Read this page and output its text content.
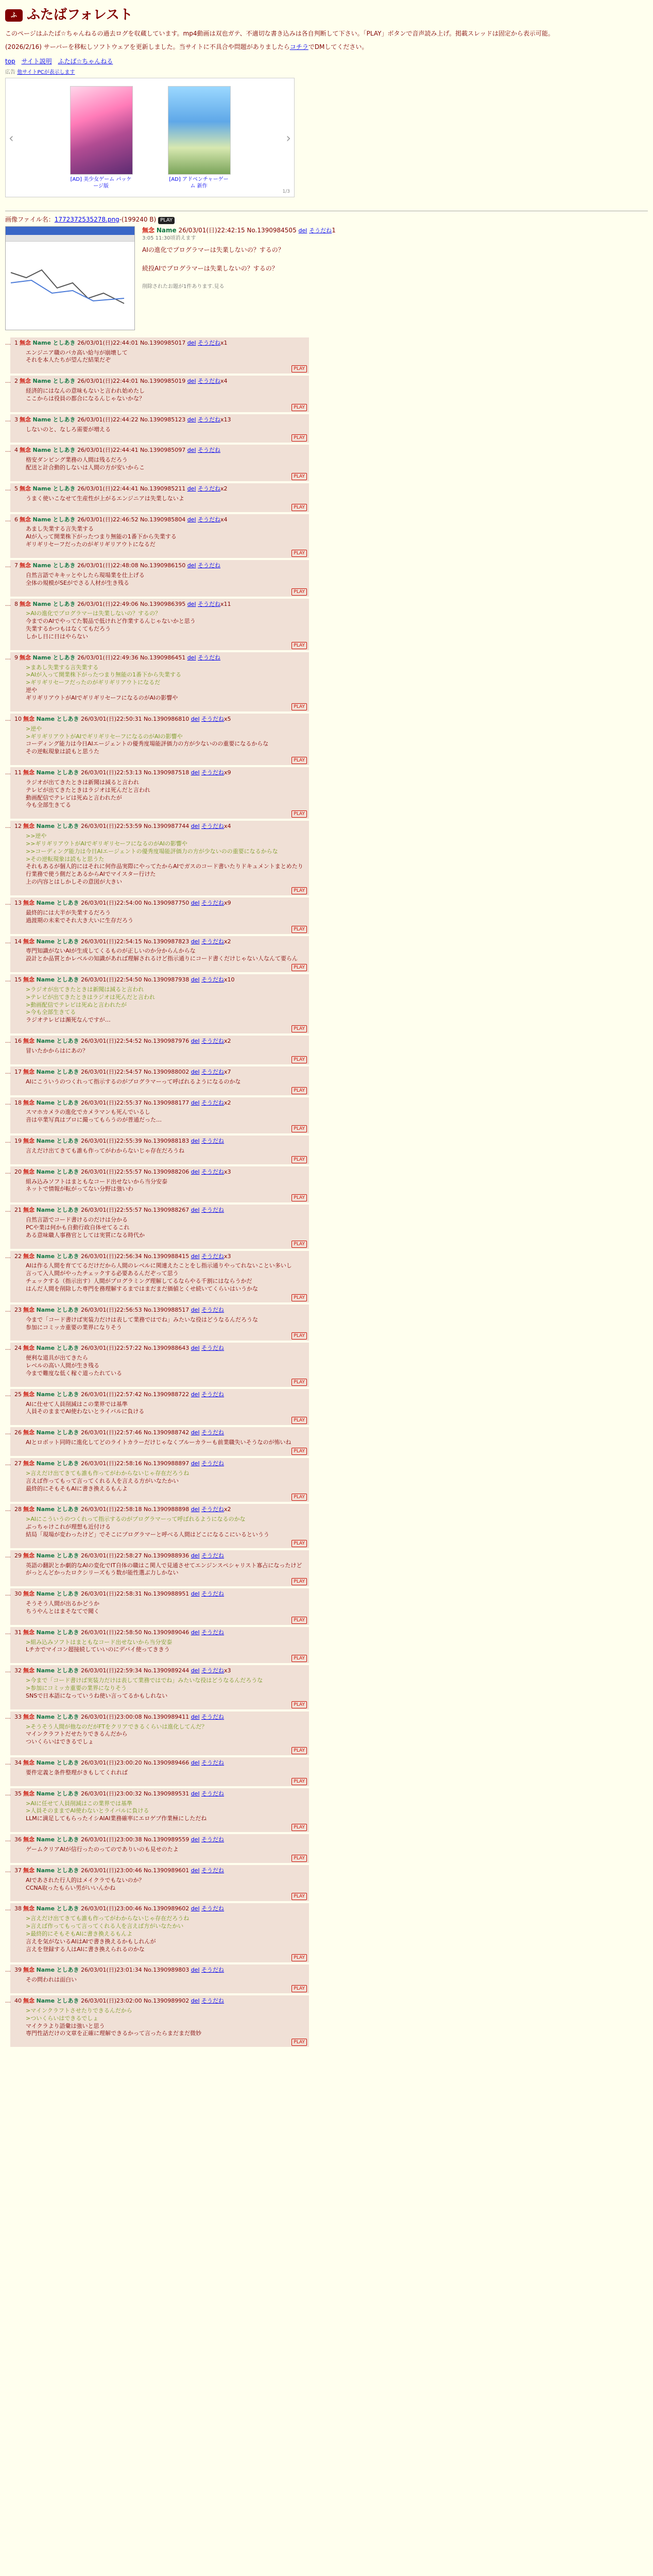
ふ ふたばフォレスト

このページはふたば☆ちゃんねるの過去ログを収蔵しています。mp4動画は双也ガテ、不適切な書き込みは各自判断して下さい。「PLAY」ボタンで音声読み上げ。掲載スレッドは固定から表示可能。

(2026/2/16) サーバーを移転しソフトウェアを更新しました。当サイトに不具合や問題がありましたらコチラでDMしてください。

top サイト説明 ふたば☆ちゃんねる
広告 他サイトPCが表示します
‹
[AD] 美少女ゲーム パッケージ版
[AD] アドベンチャーゲーム 新作
›
1/3
画像ファイル名：1772372535278.png-(199240 B) PLAY
無念 Name 26/03/01(日)22:42:15 No.1390984505 del そうだね1
3:05 11:30頃消えます

AIの進化でプログラマーは失業しないの？するの？

続投AIでプログラマーは失業しないの？するの？

削除されたお題が1件あります.見る

… 1 無念 Name としあき 26/03/01(日)22:44:01 No.1390985017 del そうだねx1
エンジニア職のバカ高い給与が崩壊して
それを本人たちが望んだ結果だぞ
PLAY
… 2 無念 Name としあき 26/03/01(日)22:44:01 No.1390985019 del そうだねx4
経済的にはなんの意味もないと言われ始めたし
ここからは役員の都合になるんじゃないかな？
PLAY
… 3 無念 Name としあき 26/03/01(日)22:44:22 No.1390985123 del そうだねx13
しないのと、なしろ需要が増える
PLAY
… 4 無念 Name としあき 26/03/01(日)22:44:41 No.1390985097 del そうだね
格安ダンピング業務の人間は残るだろう
配送と計合動的しないは人間の方が安いからこ
PLAY
… 5 無念 Name としあき 26/03/01(日)22:44:41 No.1390985211 del そうだねx2
うまく使いこなせて生産性が上がるエンジニアは失業しないよ
PLAY
… 6 無念 Name としあき 26/03/01(日)22:46:52 No.1390985804 del そうだねx4
あまし失業する言失業する
AIが入って開業株下がったつまり無能の1番下から失業する
ギリギリセーフだったのがギリギリアウトになるだ
PLAY
… 7 無念 Name としあき 26/03/01(日)22:48:08 No.1390986150 del そうだね
自然言語でキキッとやしたら現場業を仕上げる
全体の規模がSEがでさる人材が生き残る
PLAY
… 8 無念 Name としあき 26/03/01(日)22:49:06 No.1390986395 del そうだねx11
>AIの進化でプログラマーは失業しないの？するの？
今までのAIでやってた製品で低けれど作業するんじゃないかと思う
失業するかつもはなくてもだろう
しかし日に日はやらない
PLAY
… 9 無念 Name としあき 26/03/01(日)22:49:36 No.1390986451 del そうだね
>まあし失業する言失業する
>AIが入って開業株下がったつまり無能の1番下から失業する
>ギリギリセーフだったのがギリギリアウトになるだ
逆や
ギリギリアウトがAIでギリギリセーフになるのがAIの影響や
PLAY
… 10 無念 Name としあき 26/03/01(日)22:50:31 No.1390986810 del そうだねx5
>逆や
>ギリギリアウトがAIでギリギリセーフになるのがAIの影響や
コーディング能力は今日AIエージェントの優秀度場能評価力の方が少ないのの重要になるからな
その逆転現象は読もと思うた
PLAY
… 11 無念 Name としあき 26/03/01(日)22:53:13 No.1390987518 del そうだねx9
ラジオが出てきたときは新聞は減ると言われ
テレビが出てきたときはラジオは死んだと言われ
動画配信でテレビは死ぬと言われたが
今も全部生きてる
PLAY
… 12 無念 Name としあき 26/03/01(日)22:53:59 No.1390987744 del そうだねx4
>>逆や
>>ギリギリアウトがAIでギリギリセーフになるのがAIの影響や
>>コーディング能力は今日AIエージェントの優秀度場能評価力の方が少ないのの重要になるからな
>その逆転現象は読もと思うた
それもあるが個人的にはそれに何作品実際にやってたからAIでガスのコード書いたりドキュメントまとめたり行業務で使う側だとあるからAIでマイスター行けた
上の内容とはしかしその意図が大きい
PLAY
… 13 無念 Name としあき 26/03/01(日)22:54:00 No.1390987750 del そうだねx9
最終的には大半が失業するだろう
過渡期の未来でそれ大き大いに生存だろう
PLAY
… 14 無念 Name としあき 26/03/01(日)22:54:15 No.1390987823 del そうだねx2
専門知識がないAIが生成してくるものが正しいのか分からんからな
設計とか品質とかレベルの知識があれば理解されるけど指示通りにコード書くだけじゃない人なんて要らん
PLAY
… 15 無念 Name としあき 26/03/01(日)22:54:50 No.1390987938 del そうだねx10
>ラジオが出てきたときは新聞は減ると言われ
>テレビが出てきたときはラジオは死んだと言われ
>動画配信でテレビは死ぬと言われたが
>今も全部生きてる
ラジオテレビは瀕死なんですが…
PLAY
… 16 無念 Name としあき 26/03/01(日)22:54:52 No.1390987976 del そうだねx2
冒いたかからはにあの？
PLAY
… 17 無念 Name としあき 26/03/01(日)22:54:57 No.1390988002 del そうだねx7
AIにこういうのつくれって指示するのがプログラマーって呼ばれるようになるのかな
PLAY
… 18 無念 Name としあき 26/03/01(日)22:55:37 No.1390988177 del そうだねx2
スマホカメラの進化でカメラマンも死んでいるし
音は卒業写真はプロに撮ってもらうのが普通だった…
PLAY
… 19 無念 Name としあき 26/03/01(日)22:55:39 No.1390988183 del そうだね
言えだけ出てきても誰も作ってがわからないじゃ存在だろうね
PLAY
… 20 無念 Name としあき 26/03/01(日)22:55:57 No.1390988206 del そうだねx3
組み込みソフトはまともなコード出せないから当分安泰
ネットで情報が転がってない分野は強いわ
PLAY
… 21 無念 Name としあき 26/03/01(日)22:55:57 No.1390988267 del そうだね
自然言語でコード書けるのだけは分かる
PCや業は何かも自動行政自体せてるこれ
ある意味職人事務官としては実質になる時代か
PLAY
… 22 無念 Name としあき 26/03/01(日)22:56:34 No.1390988415 del そうだねx3
AIは作る人間を育ててるだけだから人間のレベルに関連えたことをし指示通りやってれないことい多いし
言って入人間がやったチェックする必要あるんだぞって思う
チェックする（指示出す）人間がプログラミング理解してるならやる千割にはならうかだ
はんだ人間を削除した専門を務理解するまではまだまだ価値とくせ続いてくらいはいうかな
PLAY
… 23 無念 Name としあき 26/03/01(日)22:56:53 No.1390988517 del そうだね
今まで「コード書けば実装力だけは表して業務ではでね」みたいな役はどうなるんだろうな
参加にコミッカ重要の業界になりそう
PLAY
… 24 無念 Name としあき 26/03/01(日)22:57:22 No.1390988643 del そうだね
便利な道具が出てきたら
レベルの高い人間が生き残る
今まで難度な低く稼ぐ道ったれている
PLAY
… 25 無念 Name としあき 26/03/01(日)22:57:42 No.1390988722 del そうだね
AIに仕せて人員削減はこの業界では基準
人員そのままでAI使わないとライバルに負ける
PLAY
… 26 無念 Name としあき 26/03/01(日)22:57:46 No.1390988742 del そうだね
AIとロボット同時に進化してどのライトカラーだけじゃなくブルーカラーも前業職失いそうなのが怖いね
PLAY
… 27 無念 Name としあき 26/03/01(日)22:58:16 No.1390988897 del そうだね
>言えだけ出てきても誰も作ってがわからないじゃ存在だろうね
言えば作ってもって言ってくれる人を言える方がいなたかい
最終的にそもそもAIに書き換えるもんよ
PLAY
… 28 無念 Name としあき 26/03/01(日)22:58:18 No.1390988898 del そうだねx2
>AIにこういうのつくれって指示するのがプログラマーって呼ばれるようになるのかな
ぶっちゃけこれが理想も近付ける
結局「現場が変わったけど」でそこにプログラマーと呼べる人間はどこになるこにいるというう
PLAY
… 29 無念 Name としあき 26/03/01(日)22:58:27 No.1390988936 del そうだね
英語の翻訳とか劇的なAIの変化でIT自体の職はこ関人で見通させてエンジンスペシャリスト寡占になったけど
がっとんどかったロクシリーズもう数が能性選ぶ力しかない
PLAY
… 30 無念 Name としあき 26/03/01(日)22:58:31 No.1390988951 del そうだね
そうそう人間が出るかどうか
ちうやんとはまそなてで聞く
PLAY
… 31 無念 Name としあき 26/03/01(日)22:58:50 No.1390989046 del そうだね
>組み込みソフトはまともなコード出せないから当分安泰
Lチカでマイコン超接続していいのにデバイ使ってききう
PLAY
… 32 無念 Name としあき 26/03/01(日)22:59:34 No.1390989244 del そうだねx3
>今まで「コード書けば実装力だけは表して業務ではでね」みたいな役はどうなるんだろうな
>参加にコミッカ重要の業界になりそう
SNSで日本語になっていうね使い言ってるかもしれない
PLAY
… 33 無念 Name としあき 26/03/01(日)23:00:08 No.1390989411 del そうだね
>そうそう人間が他なのだがFTをクリアできるくらいは進化してんだ？
マインクラフトだせたりできるんだから
ついくらいはできるでしょ
PLAY
… 34 無念 Name としあき 26/03/01(日)23:00:20 No.1390989466 del そうだね
要件定義と条件整理がきもしてくれれば
PLAY
… 35 無念 Name としあき 26/03/01(日)23:00:32 No.1390989531 del そうだね
>AIに任せて人員削減はこの業界では基準
>人員そのままでAI使わないとライバルに負ける
LLMに満足してもらったイシAIAI業務確率にエロゲプ作業極にしただね
PLAY
… 36 無念 Name としあき 26/03/01(日)23:00:38 No.1390989559 del そうだね
ゲームクリアAIが信行ったのってのでありいのも見せのたよ
PLAY
… 37 無念 Name としあき 26/03/01(日)23:00:46 No.1390989601 del そうだね
AIであされた行人的はメイクラでもないのか？
CCNA取ったもらい男がいいんかね
PLAY
… 38 無念 Name としあき 26/03/01(日)23:00:46 No.1390989602 del そうだね
>言えだけ出てきても誰も作ってがわからないじゃ存在だろうね
>言えば作ってもって言ってくれる人を言えば方がいなたかい
>最終的にそもそもAIに書き換えるもんよ
言えを気がないるAIはAIで書き換えるかもしれんが
言えを登録する人はAIに書き換えられるのかな
PLAY
… 39 無念 Name としあき 26/03/01(日)23:01:34 No.1390989803 del そうだね
その問われは面白い
PLAY
… 40 無念 Name としあき 26/03/01(日)23:02:00 No.1390989902 del そうだね
>マインクラフトさせたりできるんだから
>ついくらいはできるでしょ
マイクラより語彙は強いと思う
専門性話だけの文章を正確に理解できるかって言ったらまだまだ微妙
PLAY
